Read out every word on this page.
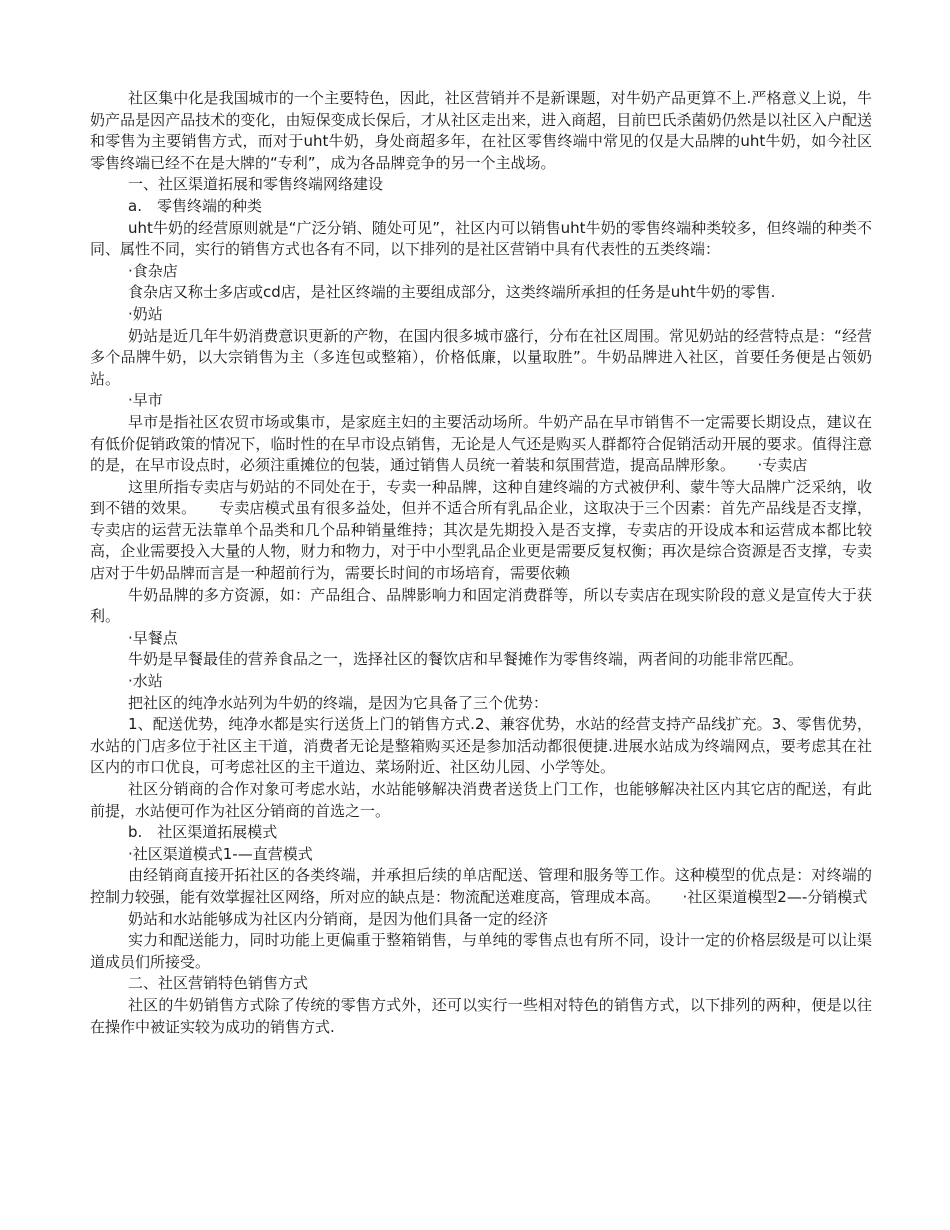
社区集中化是我国城市的一个主要特色，因此，社区营销并不是新课题，对牛奶产品更算不上.严格意义上说，牛奶产品是因产品技术的变化，由短保变成长保后，才从社区走出来，进入商超，目前巴氏杀菌奶仍然是以社区入户配送和零售为主要销售方式，而对于uht牛奶，身处商超多年，在社区零售终端中常见的仅是大品牌的uht牛奶，如今社区零售终端已经不在是大牌的“专利”，成为各品牌竞争的另一个主战场。

一、社区渠道拓展和零售终端网络建设

a.　零售终端的种类

uht牛奶的经营原则就是“广泛分销、随处可见”，社区内可以销售uht牛奶的零售终端种类较多，但终端的种类不同、属性不同，实行的销售方式也各有不同，以下排列的是社区营销中具有代表性的五类终端：

·食杂店

食杂店又称士多店或cd店，是社区终端的主要组成部分，这类终端所承担的任务是uht牛奶的零售.

·奶站

奶站是近几年牛奶消费意识更新的产物，在国内很多城市盛行，分布在社区周围。常见奶站的经营特点是：“经营多个品牌牛奶，以大宗销售为主（多连包或整箱），价格低廉，以量取胜”。牛奶品牌进入社区，首要任务便是占领奶站。

·早市

早市是指社区农贸市场或集市，是家庭主妇的主要活动场所。牛奶产品在早市销售不一定需要长期设点，建议在有低价促销政策的情况下，临时性的在早市设点销售，无论是人气还是购买人群都符合促销活动开展的要求。值得注意的是，在早市设点时，必须注重摊位的包装，通过销售人员统一着装和氛围营造，提高品牌形象。　　·专卖店

这里所指专卖店与奶站的不同处在于，专卖一种品牌，这种自建终端的方式被伊利、蒙牛等大品牌广泛采纳，收到不错的效果。　　专卖店模式虽有很多益处，但并不适合所有乳品企业，这取决于三个因素：首先产品线是否支撑，专卖店的运营无法靠单个品类和几个品种销量维持；其次是先期投入是否支撑，专卖店的开设成本和运营成本都比较高，企业需要投入大量的人物，财力和物力，对于中小型乳品企业更是需要反复权衡；再次是综合资源是否支撑，专卖店对于牛奶品牌而言是一种超前行为，需要长时间的市场培育，需要依赖

牛奶品牌的多方资源，如：产品组合、品牌影响力和固定消费群等，所以专卖店在现实阶段的意义是宣传大于获利。

·早餐点

牛奶是早餐最佳的营养食品之一，选择社区的餐饮店和早餐摊作为零售终端，两者间的功能非常匹配。

·水站

把社区的纯净水站列为牛奶的终端，是因为它具备了三个优势：

1、配送优势，纯净水都是实行送货上门的销售方式.2、兼容优势，水站的经营支持产品线扩充。3、零售优势，水站的门店多位于社区主干道，消费者无论是整箱购买还是参加活动都很便捷.进展水站成为终端网点，要考虑其在社区内的市口优良，可考虑社区的主干道边、菜场附近、社区幼儿园、小学等处。

社区分销商的合作对象可考虑水站，水站能够解决消费者送货上门工作，也能够解决社区内其它店的配送，有此前提，水站便可作为社区分销商的首选之一。

b.　社区渠道拓展模式

·社区渠道模式1-—直营模式

由经销商直接开拓社区的各类终端，并承担后续的单店配送、管理和服务等工作。这种模型的优点是：对终端的控制力较强，能有效掌握社区网络，所对应的缺点是：物流配送难度高，管理成本高。　　·社区渠道模型2—-分销模式

奶站和水站能够成为社区内分销商，是因为他们具备一定的经济

实力和配送能力，同时功能上更偏重于整箱销售，与单纯的零售点也有所不同，设计一定的价格层级是可以让渠道成员们所接受。

二、社区营销特色销售方式

社区的牛奶销售方式除了传统的零售方式外，还可以实行一些相对特色的销售方式，以下排列的两种，便是以往在操作中被证实较为成功的销售方式.
